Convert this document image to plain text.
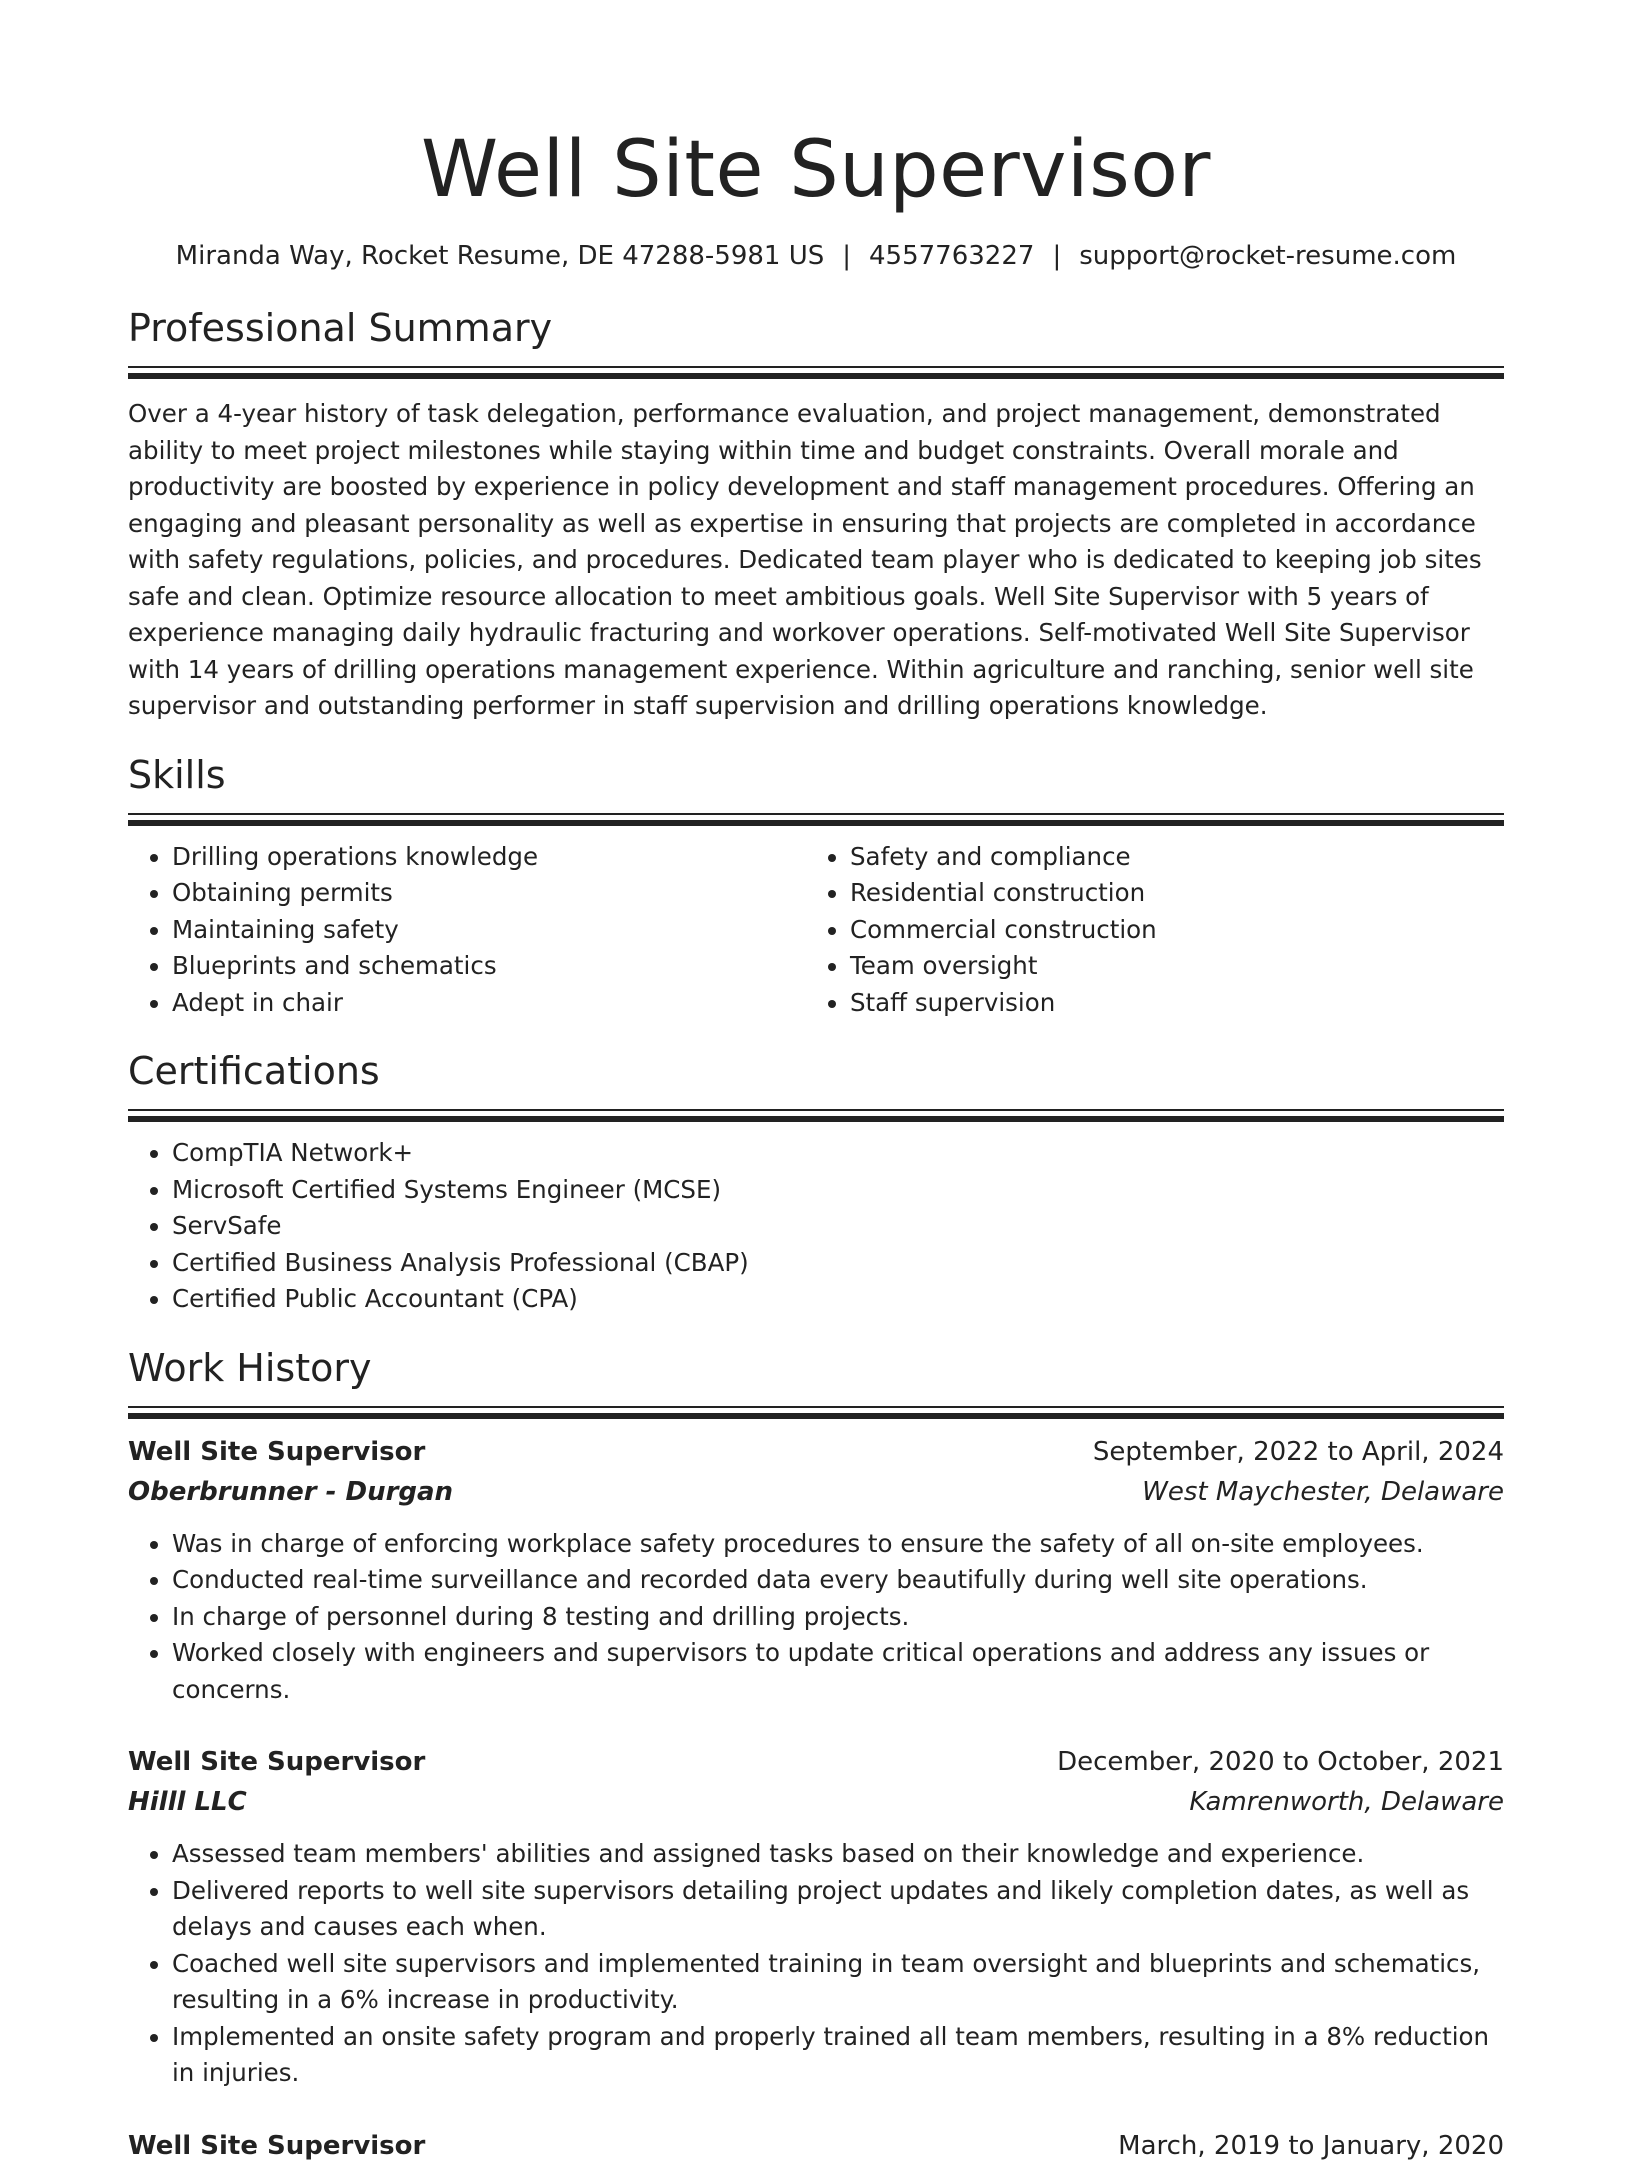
Well Site Supervisor
Miranda Way, Rocket Resume, DE 47288-5981 US | 4557763227 | support@rocket-resume.com
Professional Summary
Over a 4-year history of task delegation, performance evaluation, and project management, demonstrated ability to meet project milestones while staying within time and budget constraints. Overall morale and productivity are boosted by experience in policy development and staff management procedures. Offering an engaging and pleasant personality as well as expertise in ensuring that projects are completed in accordance with safety regulations, policies, and procedures. Dedicated team player who is dedicated to keeping job sites safe and clean. Optimize resource allocation to meet ambitious goals. Well Site Supervisor with 5 years of experience managing daily hydraulic fracturing and workover operations. Self-motivated Well Site Supervisor with 14 years of drilling operations management experience. Within agriculture and ranching, senior well site supervisor and outstanding performer in staff supervision and drilling operations knowledge.
Skills
• Drilling operations knowledge
• Obtaining permits
• Maintaining safety
• Blueprints and schematics
• Adept in chair
• Safety and compliance
• Residential construction
• Commercial construction
• Team oversight
• Staff supervision
Certifications
• CompTIA Network+
• Microsoft Certified Systems Engineer (MCSE)
• ServSafe
• Certified Business Analysis Professional (CBAP)
• Certified Public Accountant (CPA)
Work History
Well Site Supervisor	September, 2022 to April, 2024
Oberbrunner - Durgan	West Maychester, Delaware
• Was in charge of enforcing workplace safety procedures to ensure the safety of all on-site employees.
• Conducted real-time surveillance and recorded data every beautifully during well site operations.
• In charge of personnel during 8 testing and drilling projects.
• Worked closely with engineers and supervisors to update critical operations and address any issues or concerns.
Well Site Supervisor	December, 2020 to October, 2021
Hilll LLC	Kamrenworth, Delaware
• Assessed team members' abilities and assigned tasks based on their knowledge and experience.
• Delivered reports to well site supervisors detailing project updates and likely completion dates, as well as delays and causes each when.
• Coached well site supervisors and implemented training in team oversight and blueprints and schematics, resulting in a 6% increase in productivity.
• Implemented an onsite safety program and properly trained all team members, resulting in a 8% reduction in injuries.
Well Site Supervisor	March, 2019 to January, 2020
